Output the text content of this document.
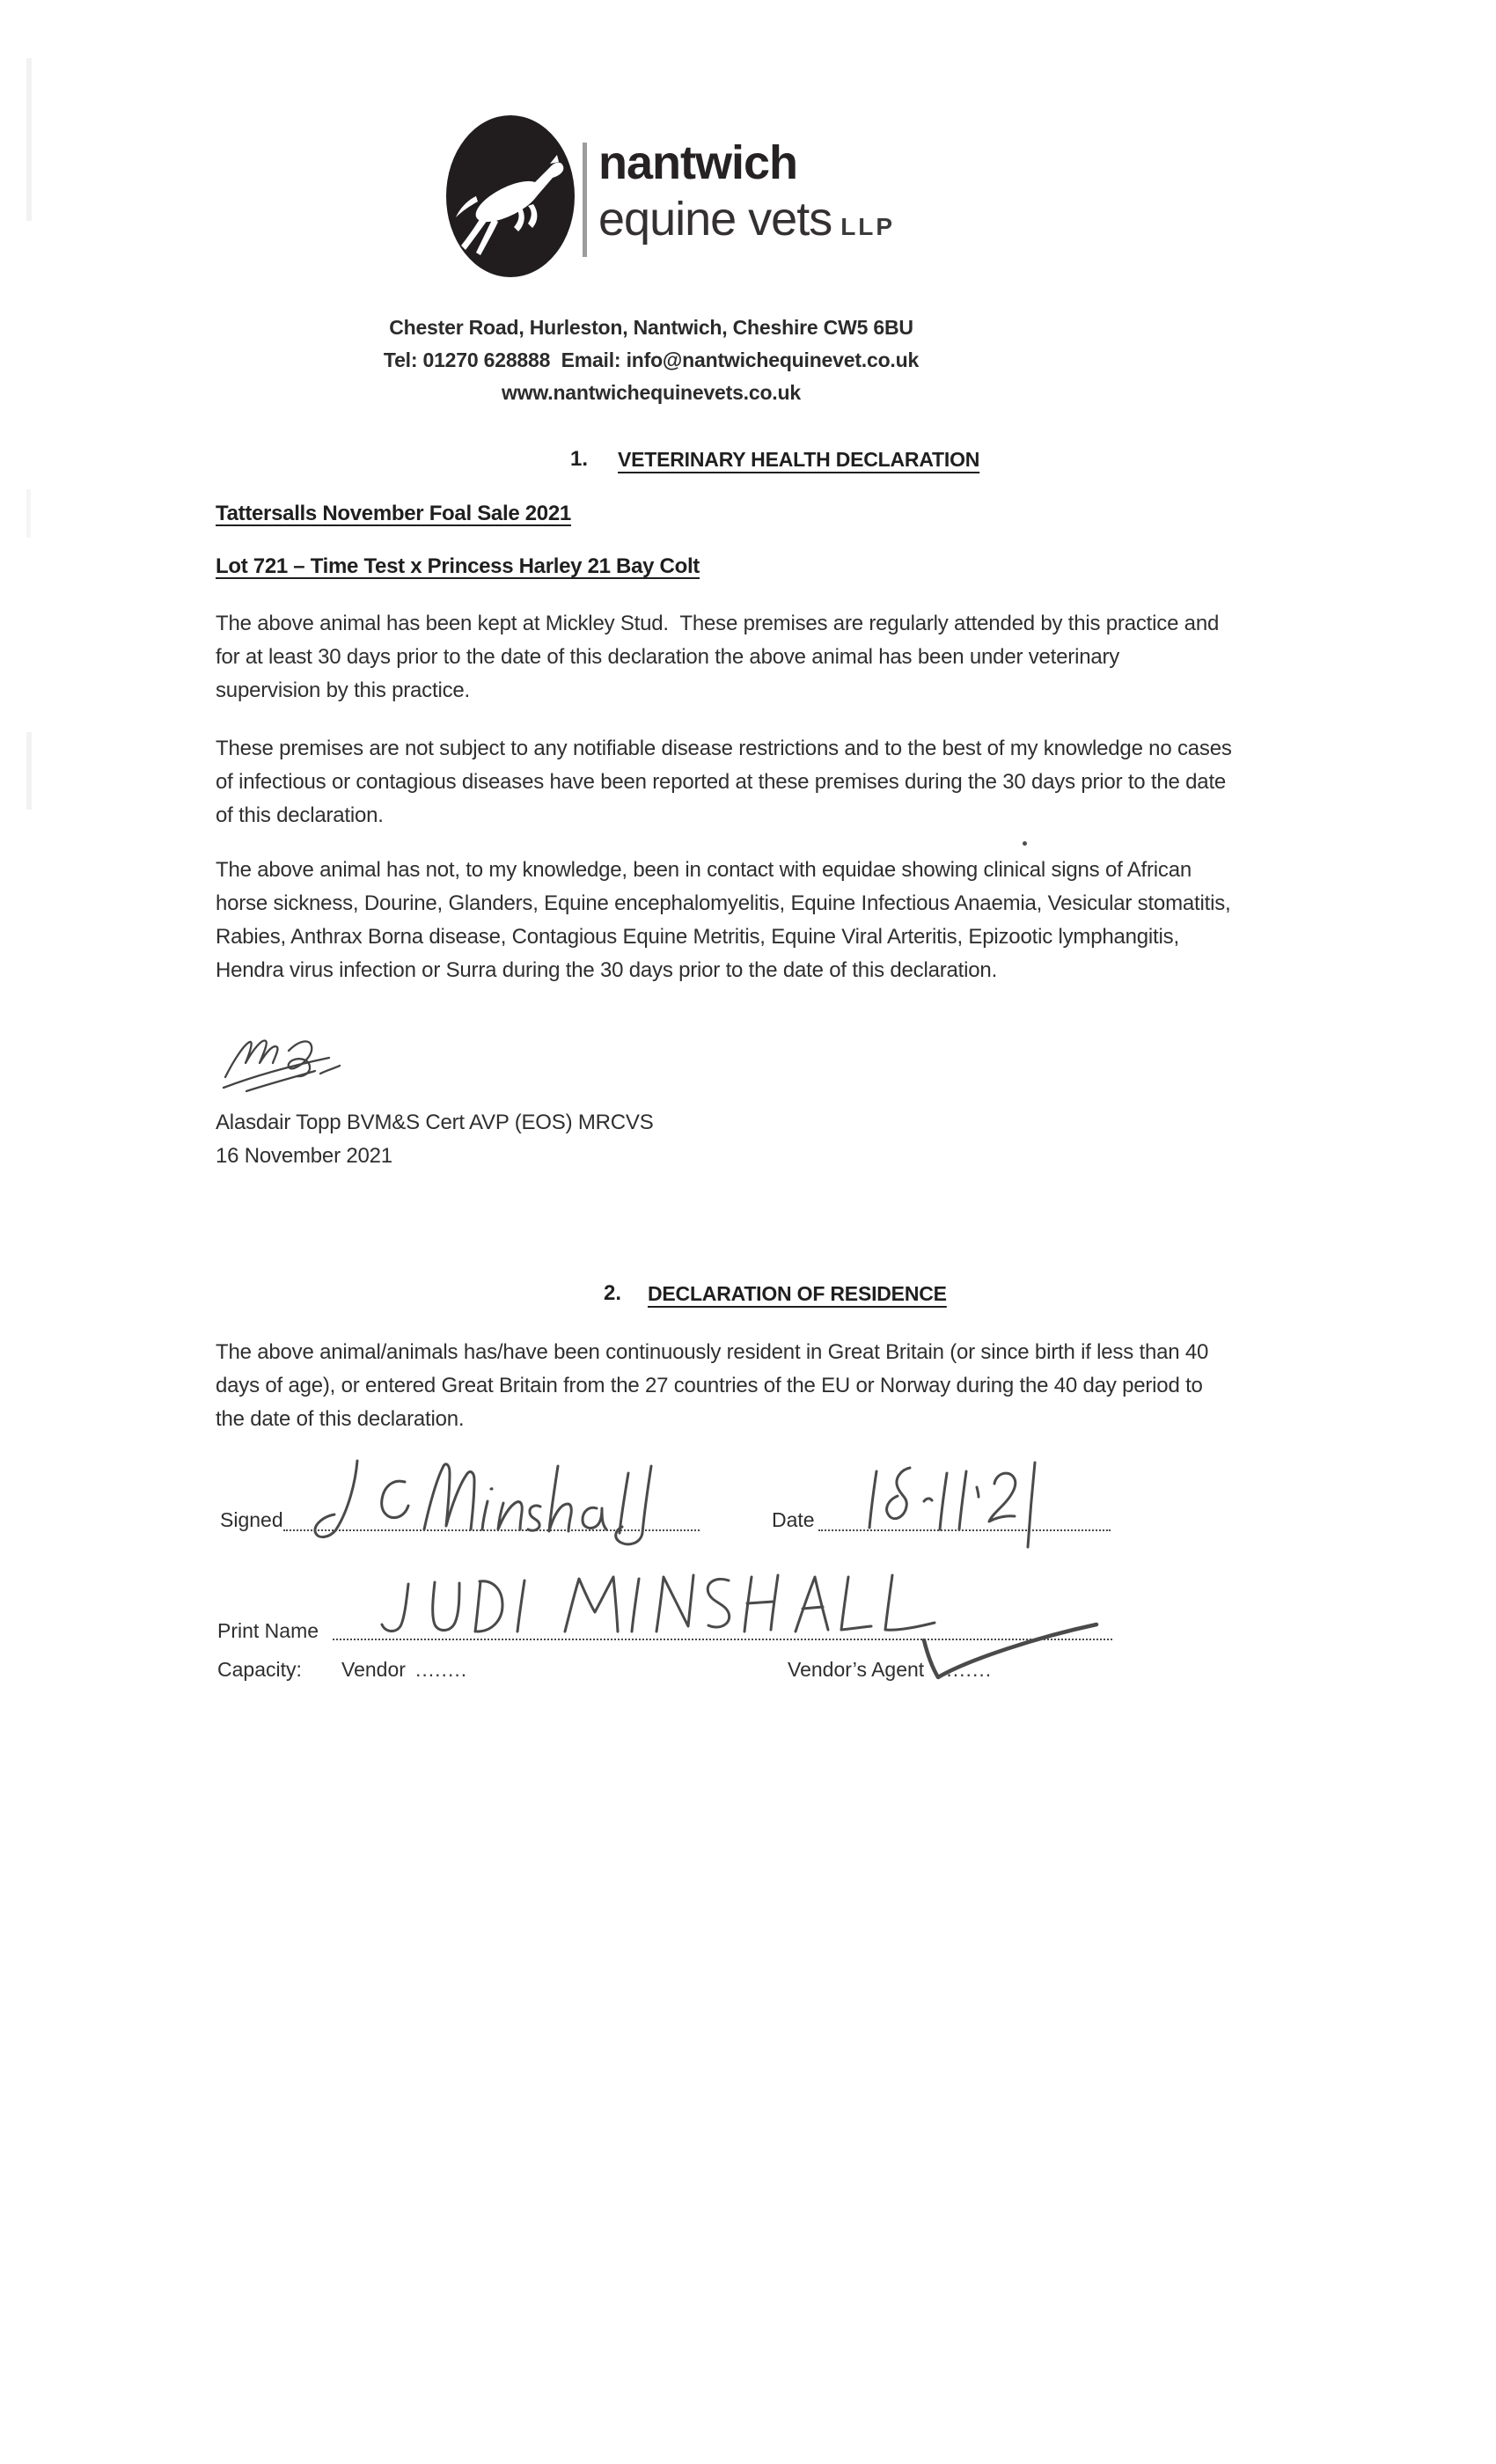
nantwich
equine vets LLP
Chester Road, Hurleston, Nantwich, Cheshire CW5 6BU
Tel: 01270 628888  Email: info@nantwichequinevet.co.uk
www.nantwichequinevets.co.uk
1. VETERINARY HEALTH DECLARATION
Tattersalls November Foal Sale 2021
Lot 721 – Time Test x Princess Harley 21 Bay Colt
The above animal has been kept at Mickley Stud.  These premises are regularly attended by this practice and
for at least 30 days prior to the date of this declaration the above animal has been under veterinary
supervision by this practice.
These premises are not subject to any notifiable disease restrictions and to the best of my knowledge no cases
of infectious or contagious diseases have been reported at these premises during the 30 days prior to the date
of this declaration.
The above animal has not, to my knowledge, been in contact with equidae showing clinical signs of African
horse sickness, Dourine, Glanders, Equine encephalomyelitis, Equine Infectious Anaemia, Vesicular stomatitis,
Rabies, Anthrax Borna disease, Contagious Equine Metritis, Equine Viral Arteritis, Epizootic lymphangitis,
Hendra virus infection or Surra during the 30 days prior to the date of this declaration.
Alasdair Topp BVM&S Cert AVP (EOS) MRCVS
16 November 2021
2. DECLARATION OF RESIDENCE
The above animal/animals has/have been continuously resident in Great Britain (or since birth if less than 40
days of age), or entered Great Britain from the 27 countries of the EU or Norway during the 40 day period to
the date of this declaration.
Signed	Date
Print Name
Capacity: Vendor ........	Vendor’s Agent ........
